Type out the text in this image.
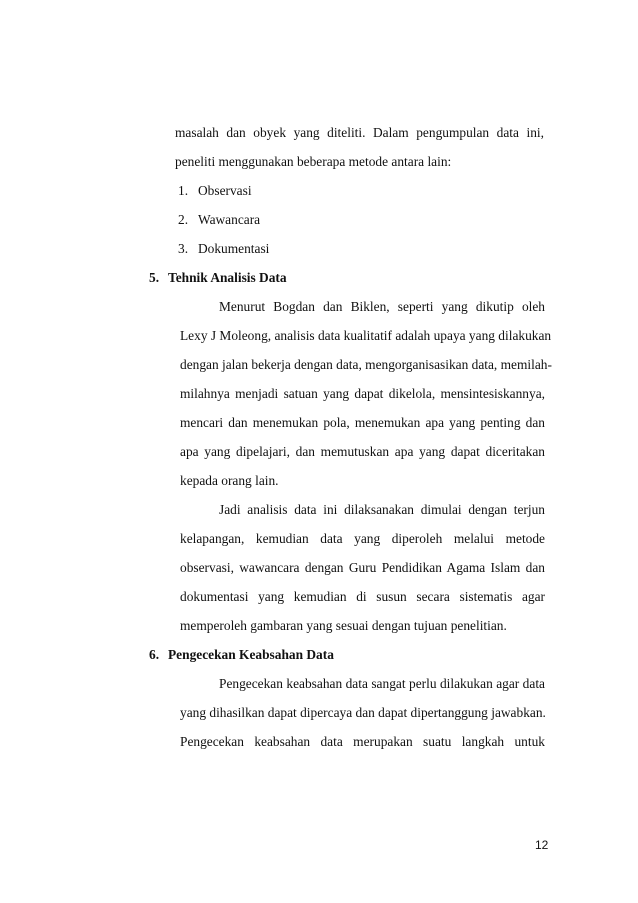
masalah dan obyek yang diteliti. Dalam pengumpulan data ini,
peneliti menggunakan beberapa metode antara lain:
1. Observasi
2. Wawancara
3. Dokumentasi
5. Tehnik Analisis Data
Menurut Bogdan dan Biklen, seperti yang dikutip oleh
Lexy J Moleong, analisis data kualitatif adalah upaya yang dilakukan
dengan jalan bekerja dengan data, mengorganisasikan data, memilah-
milahnya menjadi satuan yang dapat dikelola, mensintesiskannya,
mencari dan menemukan pola, menemukan apa yang penting dan
apa yang dipelajari, dan memutuskan apa yang dapat diceritakan
kepada orang lain.
Jadi analisis data ini dilaksanakan dimulai dengan terjun
kelapangan, kemudian data yang diperoleh melalui metode
observasi, wawancara dengan Guru Pendidikan Agama Islam dan
dokumentasi yang kemudian di susun secara sistematis agar
memperoleh gambaran yang sesuai dengan tujuan penelitian.
6. Pengecekan Keabsahan Data
Pengecekan keabsahan data sangat perlu dilakukan agar data
yang dihasilkan dapat dipercaya dan dapat dipertanggung jawabkan.
Pengecekan keabsahan data merupakan suatu langkah untuk
12
